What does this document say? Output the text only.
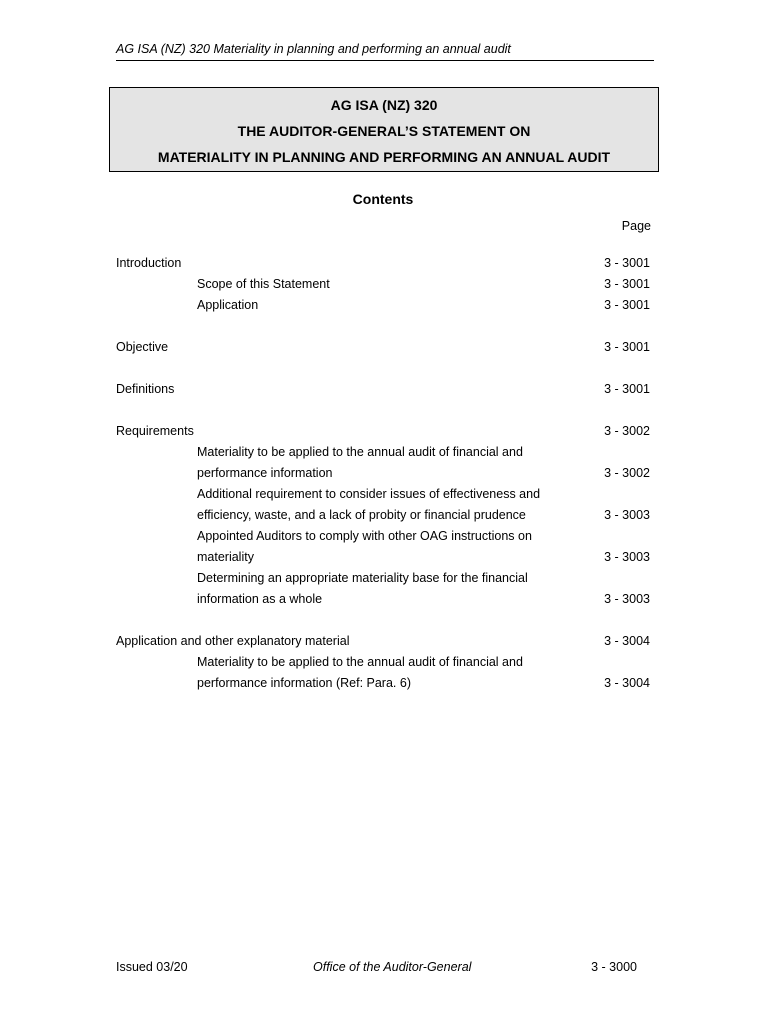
AG ISA (NZ) 320 Materiality in planning and performing an annual audit
AG ISA (NZ) 320
THE AUDITOR-GENERAL’S STATEMENT ON
MATERIALITY IN PLANNING AND PERFORMING AN ANNUAL AUDIT
Contents
Page
Introduction	3 - 3001
Scope of this Statement	3 - 3001
Application	3 - 3001
Objective	3 - 3001
Definitions	3 - 3001
Requirements	3 - 3002
Materiality to be applied to the annual audit of financial and
performance information	3 - 3002
Additional requirement to consider issues of effectiveness and
efficiency, waste, and a lack of probity or financial prudence	3 - 3003
Appointed Auditors to comply with other OAG instructions on
materiality	3 - 3003
Determining an appropriate materiality base for the financial
information as a whole	3 - 3003
Application and other explanatory material	3 - 3004
Materiality to be applied to the annual audit of financial and
performance information (Ref: Para. 6)	3 - 3004
Issued 03/20	Office of the Auditor-General	3 - 3000
